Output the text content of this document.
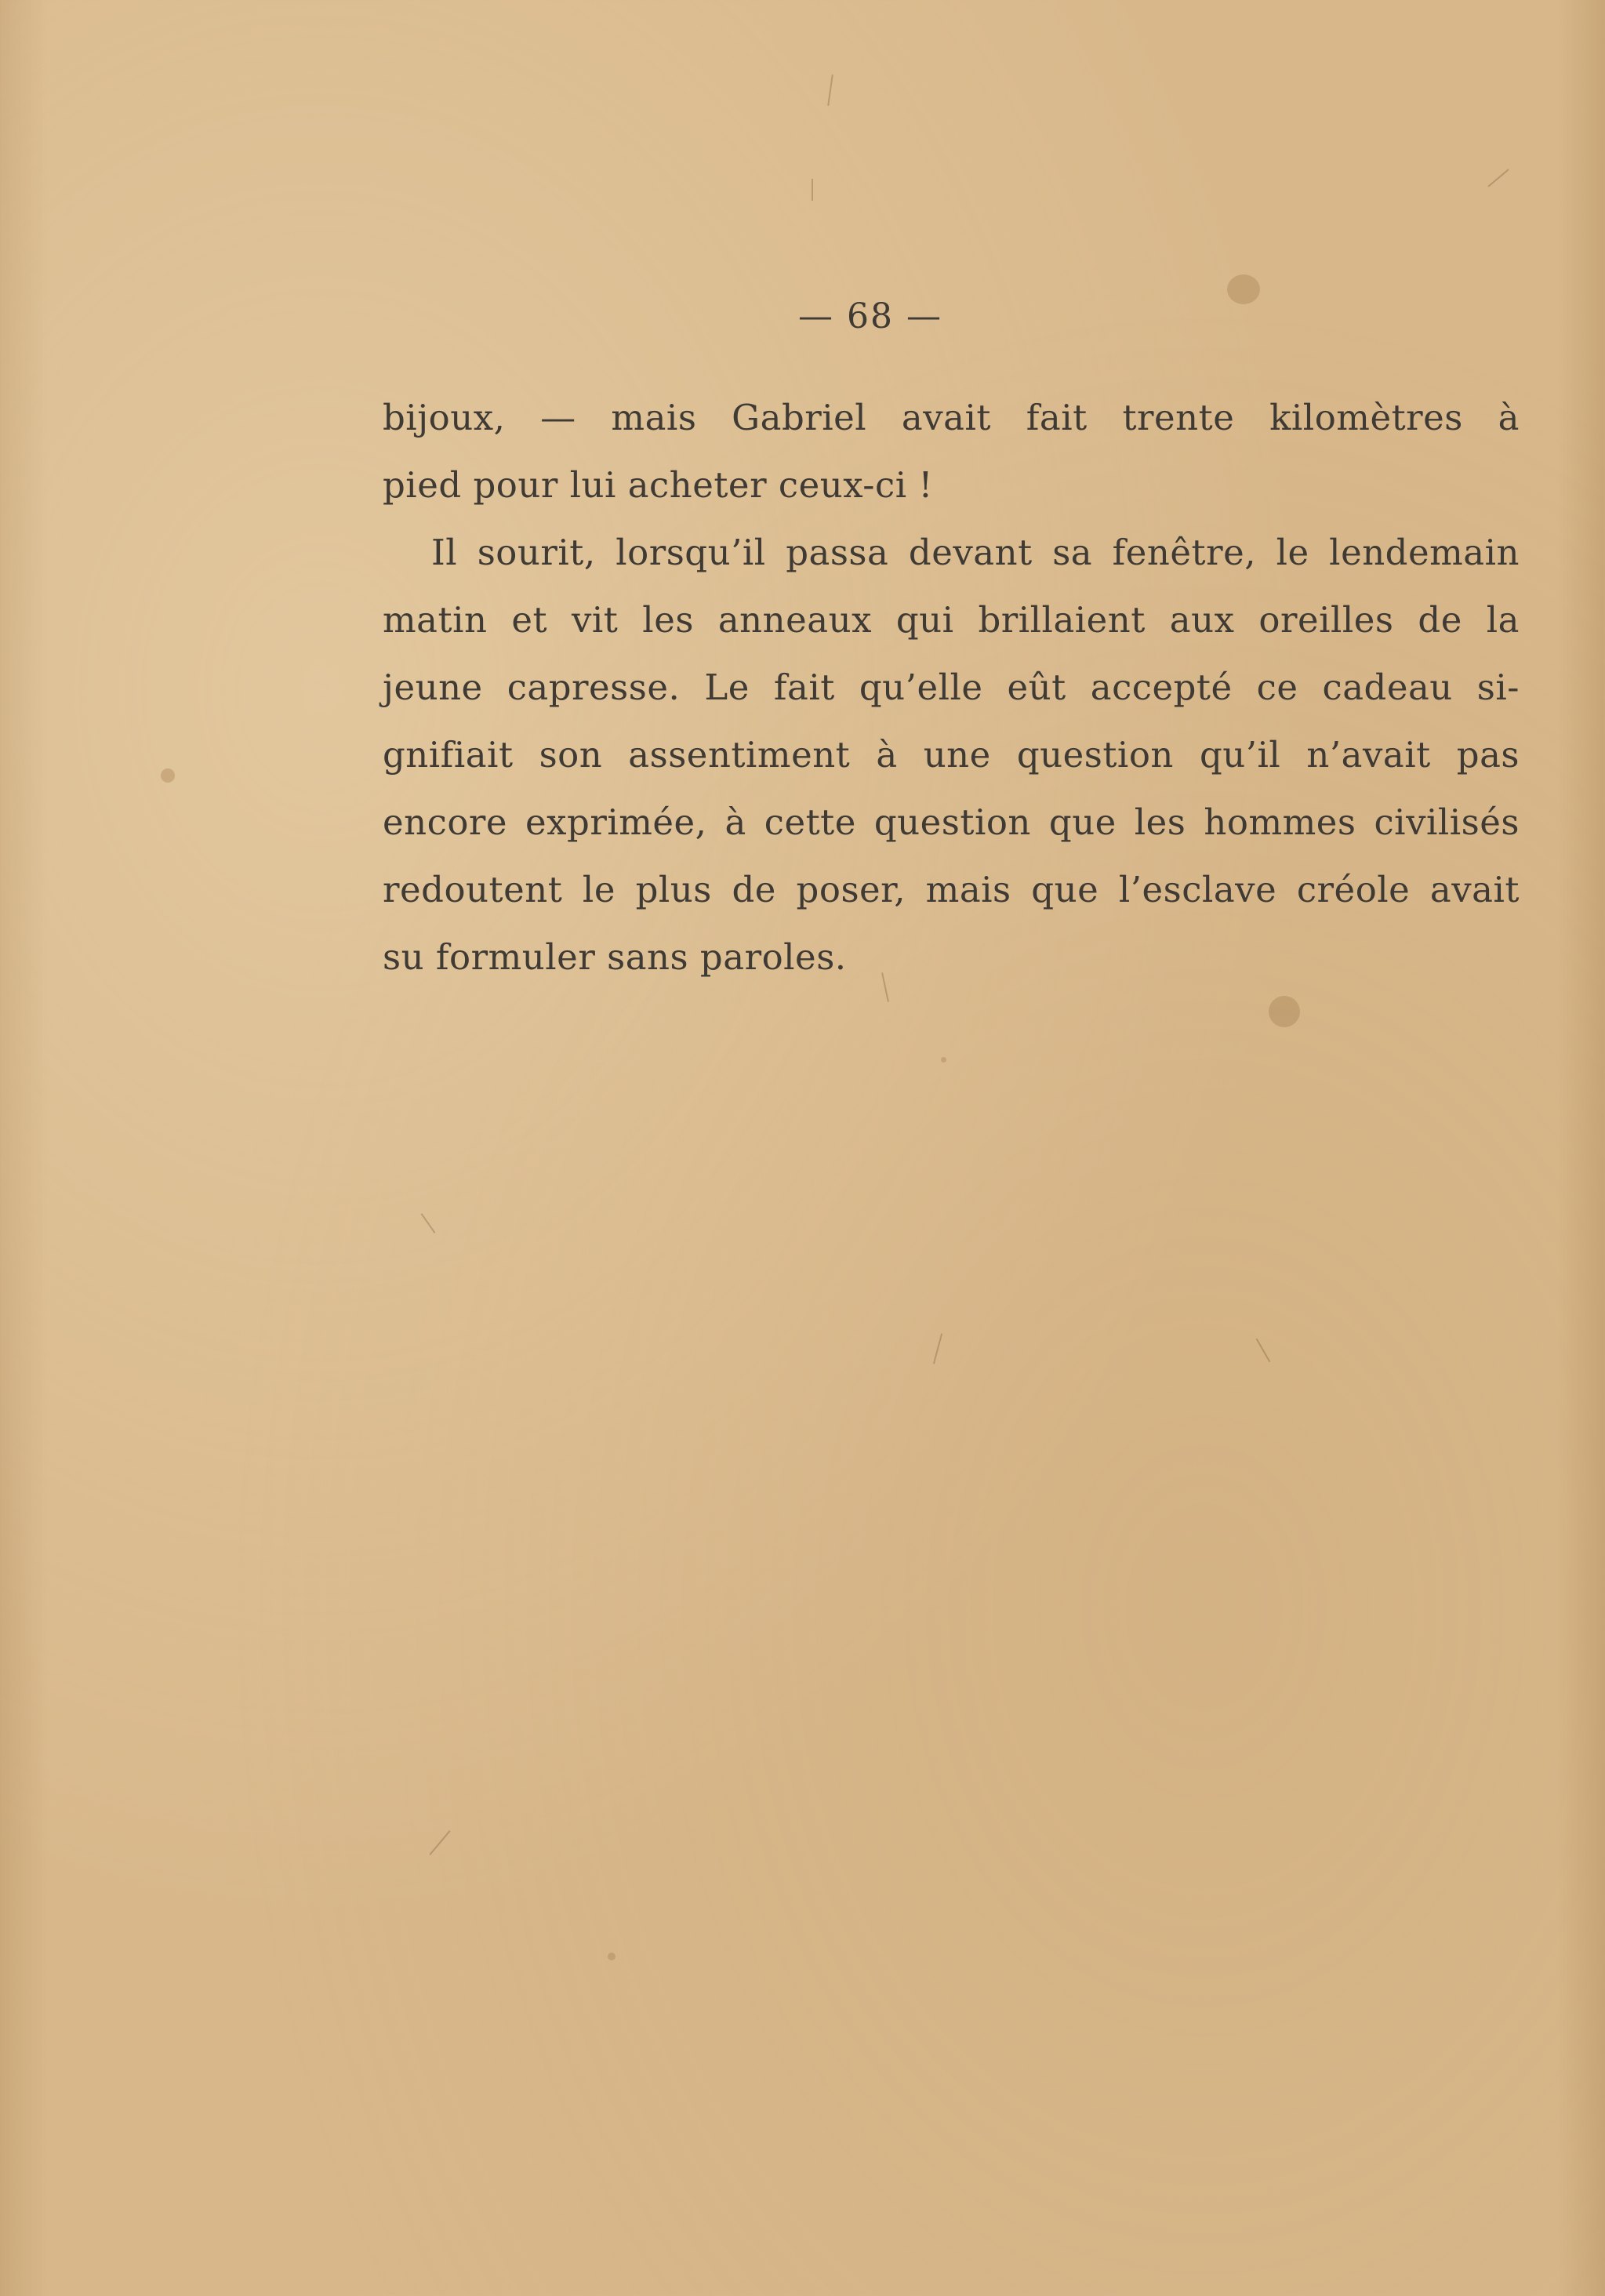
— 68 —
bijoux, — mais Gabriel avait fait trente kilomètres à
pied pour lui acheter ceux-ci !
Il sourit, lorsqu’il passa devant sa fenêtre, le lendemain
matin et vit les anneaux qui brillaient aux oreilles de la
jeune capresse. Le fait qu’elle eût accepté ce cadeau si-
gnifiait son assentiment à une question qu’il n’avait pas
encore exprimée, à cette question que les hommes civilisés
redoutent le plus de poser, mais que l’esclave créole avait
su formuler sans paroles.
